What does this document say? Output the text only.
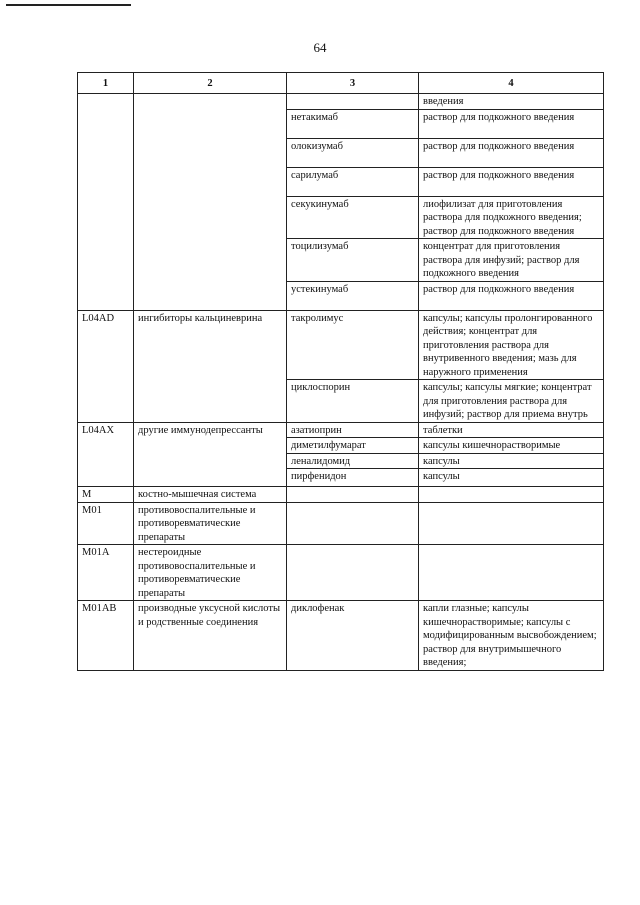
64
1	2	3	4
			введения
		нетакимаб	раствор для подкожного введения
		олокизумаб	раствор для подкожного введения
		сарилумаб	раствор для подкожного введения
		секукинумаб	лиофилизат для приготовления раствора для подкожного введения; раствор для подкожного введения
		тоцилизумаб	концентрат для приготовления раствора для инфузий; раствор для подкожного введения
		устекинумаб	раствор для подкожного введения
L04AD	ингибиторы кальциневрина	такролимус	капсулы; капсулы пролонгированного действия; концентрат для приготовления раствора для внутривенного введения; мазь для наружного применения
		циклоспорин	капсулы; капсулы мягкие; концентрат для приготовления раствора для инфузий; раствор для приема внутрь
L04AX	другие иммунодепрессанты	азатиоприн	таблетки
		диметилфумарат	капсулы кишечнорастворимые
		леналидомид	капсулы
		пирфенидон	капсулы
M	костно-мышечная система		
M01	противовоспалительные и противоревматические препараты		
M01A	нестероидные противовоспалительные и противоревматические препараты		
M01AB	производные уксусной кислоты и родственные соединения	диклофенак	капли глазные; капсулы кишечнорастворимые; капсулы с модифицированным высвобождением; раствор для внутримышечного введения;
